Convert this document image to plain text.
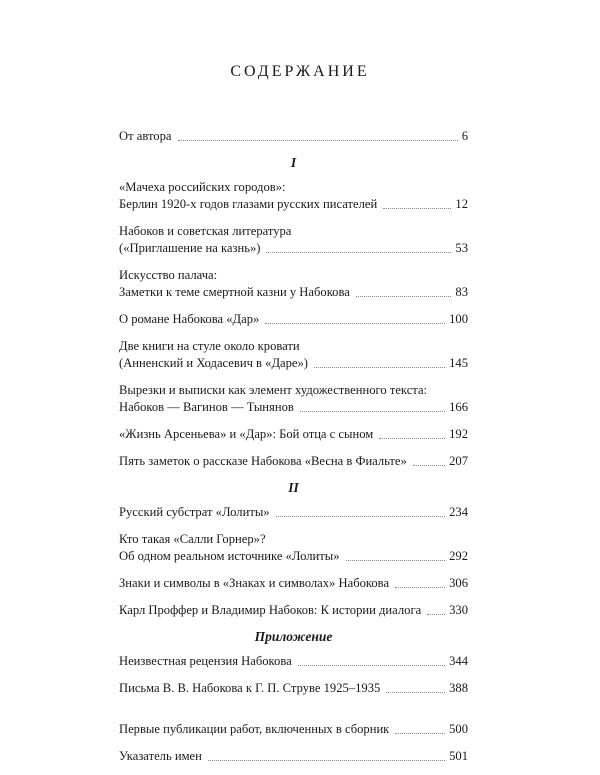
СОДЕРЖАНИЕ
От автора	6
I
«Мачеха российских городов»:
Берлин 1920-х годов глазами русских писателей	12
Набоков и советская литература
(«Приглашение на казнь»)	53
Искусство палача:
Заметки к теме смертной казни у Набокова	83
О романе Набокова «Дар»	100
Две книги на стуле около кровати
(Анненский и Ходасевич в «Даре»)	145
Вырезки и выписки как элемент художественного текста:
Набоков — Вагинов — Тынянов	166
«Жизнь Арсеньева» и «Дар»: Бой отца с сыном	192
Пять заметок о рассказе Набокова «Весна в Фиальте»	207
II
Русский субстрат «Лолиты»	234
Кто такая «Салли Горнер»?
Об одном реальном источнике «Лолиты»	292
Знаки и символы в «Знаках и символах» Набокова	306
Карл Проффер и Владимир Набоков: К истории диалога 330
Приложение
Неизвестная рецензия Набокова	344
Письма В. В. Набокова к Г. П. Струве 1925–1935	388
Первые публикации работ, включенных в сборник	500
Указатель имен	501
